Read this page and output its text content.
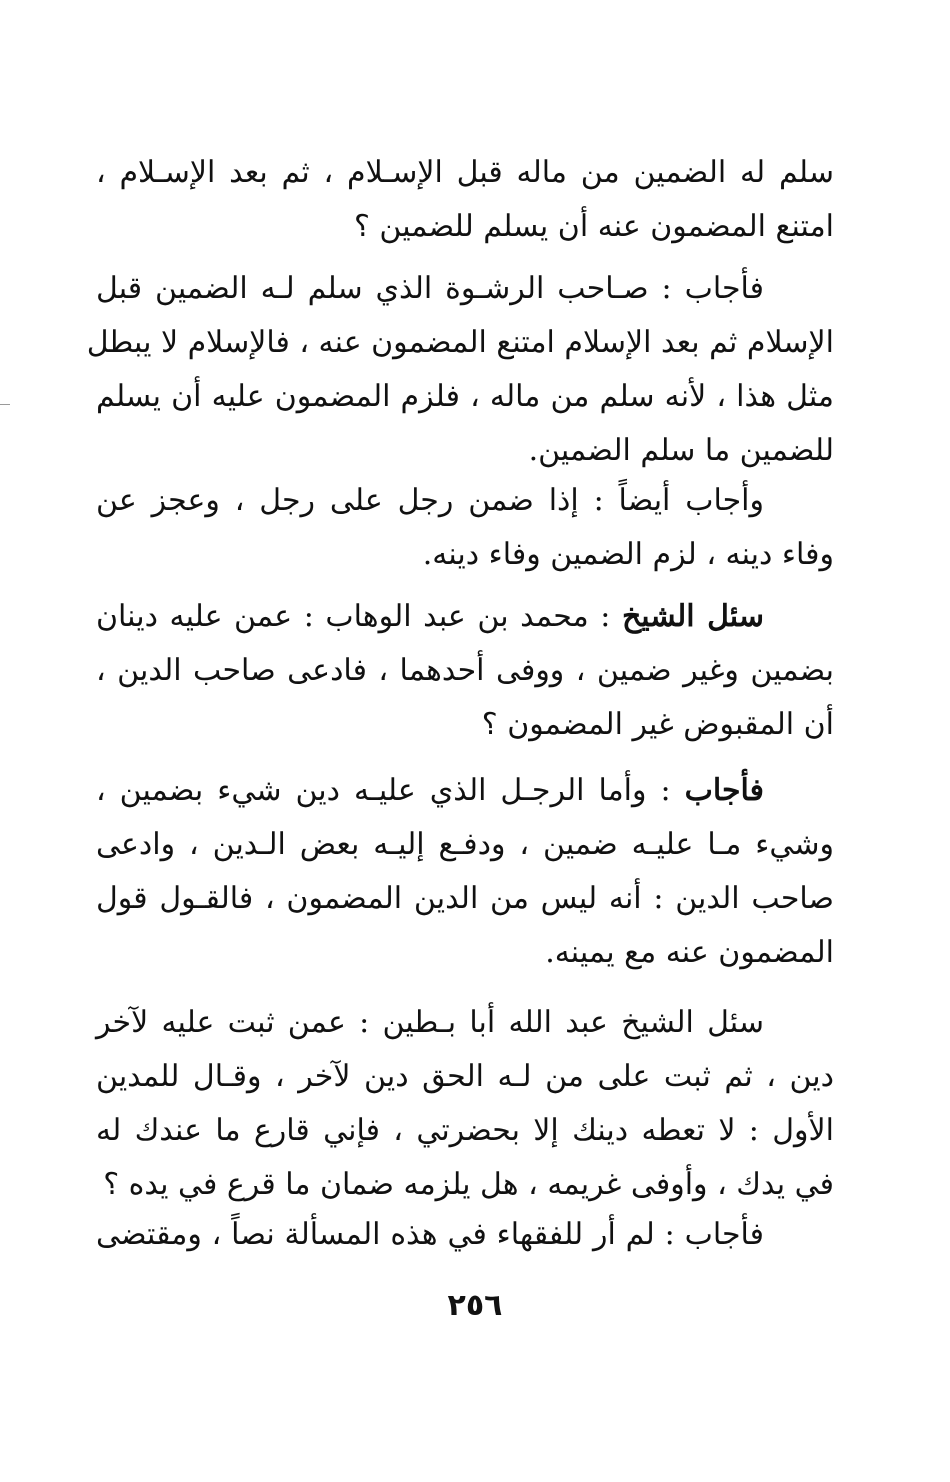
سلم له الضمين من ماله قبل الإسـلام ، ثم بعد الإسـلام ،
امتنع المضمون عنه أن يسلم للضمين ؟
فأجاب : صـاحب الرشـوة الذي سلم لـه الضمين قبل
الإسلام ثم بعد الإسلام امتنع المضمون عنه ، فالإسلام لا يبطل
مثل هذا ، لأنه سلم من ماله ، فلزم المضمون عليه أن يسلم
للضمين ما سلم الضمين.
وأجاب أيضاً : إذا ضمن رجل على رجل ، وعجز عن
وفاء دينه ، لزم الضمين وفاء دينه.
سئل الشيخ : محمد بن عبد الوهاب : عمن عليه دينان
بضمين وغير ضمين ، ووفى أحدهما ، فادعى صاحب الدين ،
أن المقبوض غير المضمون ؟
فأجاب : وأما الرجـل الذي عليـه دين شيء بضمين ،
وشيء مـا عليـه ضمين ، ودفـع إليـه بعض الـدين ، وادعى
صاحب الدين : أنه ليس من الدين المضمون ، فالقـول قول
المضمون عنه مع يمينه.
سئل الشيخ عبد الله أبا بـطين : عمن ثبت عليه لآخر
دين ، ثم ثبت على من لـه الحق دين لآخر ، وقـال للمدين
الأول : لا تعطه دينك إلا بحضرتي ، فإني قارع ما عندك له
في يدك ، وأوفى غريمه ، هل يلزمه ضمان ما قرع في يده ؟
فأجاب : لم أر للفقهاء في هذه المسألة نصاً ، ومقتضى
٢٥٦
